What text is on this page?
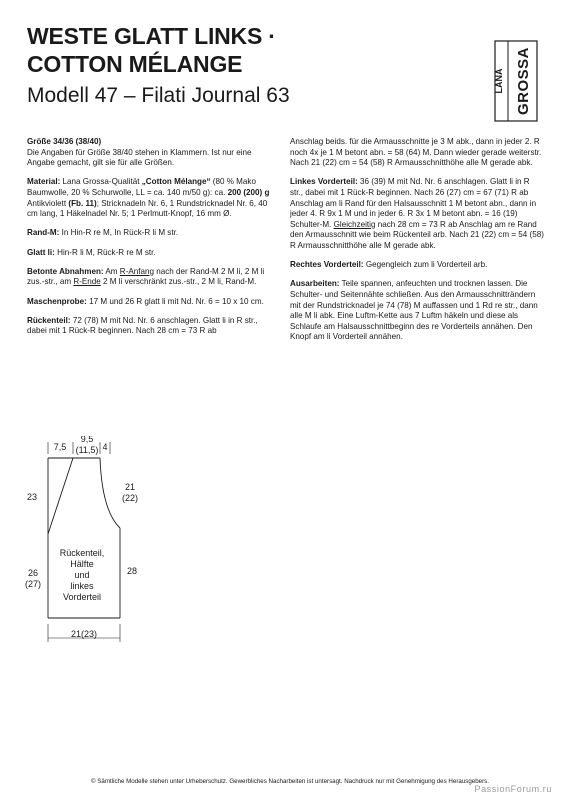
WESTE GLATT LINKS ·
COTTON MÉLANGE
Modell 47 – Filati Journal 63
LANA GROSSA

Größe 34/36 (38/40)
Die Angaben für Größe 38/40 stehen in Klammern. Ist nur eine Angabe gemacht, gilt sie für alle Größen.

Material: Lana Grossa-Qualität „Cotton Mélange“ (80 % Mako Baumwolle, 20 % Schurwolle, LL = ca. 140 m/50 g): ca. 200 (200) g Antikviolett (Fb. 11); Stricknadeln Nr. 6, 1 Rundstricknadel Nr. 6, 40 cm lang, 1 Häkelnadel Nr. 5; 1 Perlmutt-Knopf, 16 mm Ø.

Rand-M: In Hin-R re M, In Rück-R li M str.

Glatt li: Hin-R li M, Rück-R re M str.

Betonte Abnahmen: Am R-Anfang nach der Rand-M 2 M li, 2 M li zus.-str., am R-Ende 2 M li verschränkt zus.-str., 2 M li, Rand-M.

Maschenprobe: 17 M und 26 R glatt li mit Nd. Nr. 6 = 10 x 10 cm.

Rückenteil: 72 (78) M mit Nd. Nr. 6 anschlagen. Glatt li in R str., dabei mit 1 Rück-R beginnen. Nach 28 cm = 73 R ab

Anschlag beids. für die Armausschnitte je 3 M abk., dann in jeder 2. R noch 4x je 1 M betont abn. = 58 (64) M. Dann wieder gerade weiterstr. Nach 21 (22) cm = 54 (58) R Armausschnitthöhe alle M gerade abk.

Linkes Vorderteil: 36 (39) M mit Nd. Nr. 6 anschlagen. Glatt li in R str., dabei mit 1 Rück-R beginnen. Nach 26 (27) cm = 67 (71) R ab Anschlag am li Rand für den Halsausschnitt 1 M betont abn., dann in jeder 4. R 9x 1 M und in jeder 6. R 3x 1 M betont abn. = 16 (19) Schulter-M. Gleichzeitig nach 28 cm = 73 R ab Anschlag am re Rand den Armausschnitt wie beim Rückenteil arb. Nach 21 (22) cm = 54 (58) R Armausschnitthöhe alle M gerade abk.

Rechtes Vorderteil: Gegengleich zum li Vorderteil arb.

Ausarbeiten: Teile spannen, anfeuchten und trocknen lassen. Die Schulter- und Seitennähte schließen. Aus den Armausschnitträndern mit der Rundstricknadel je 74 (78) M auffassen und 1 Rd re str., dann alle M li abk. Eine Luftm-Kette aus 7 Luftm häkeln und diese als Schlaufe am Halsausschnittbeginn des re Vorderteils annähen. Den Knopf am li Vorderteil annähen.

7,5
9,5
(11,5) 4
23
26
(27)
21
(22)
28
21(23)
Rückenteil,
Hälfte
und
linkes
Vorderteil
© Sämtliche Modelle stehen unter Urheberschutz. Gewerbliches Nacharbeiten ist untersagt. Nachdruck nur mit Genehmigung des Herausgebers.
PassionForum.ru
